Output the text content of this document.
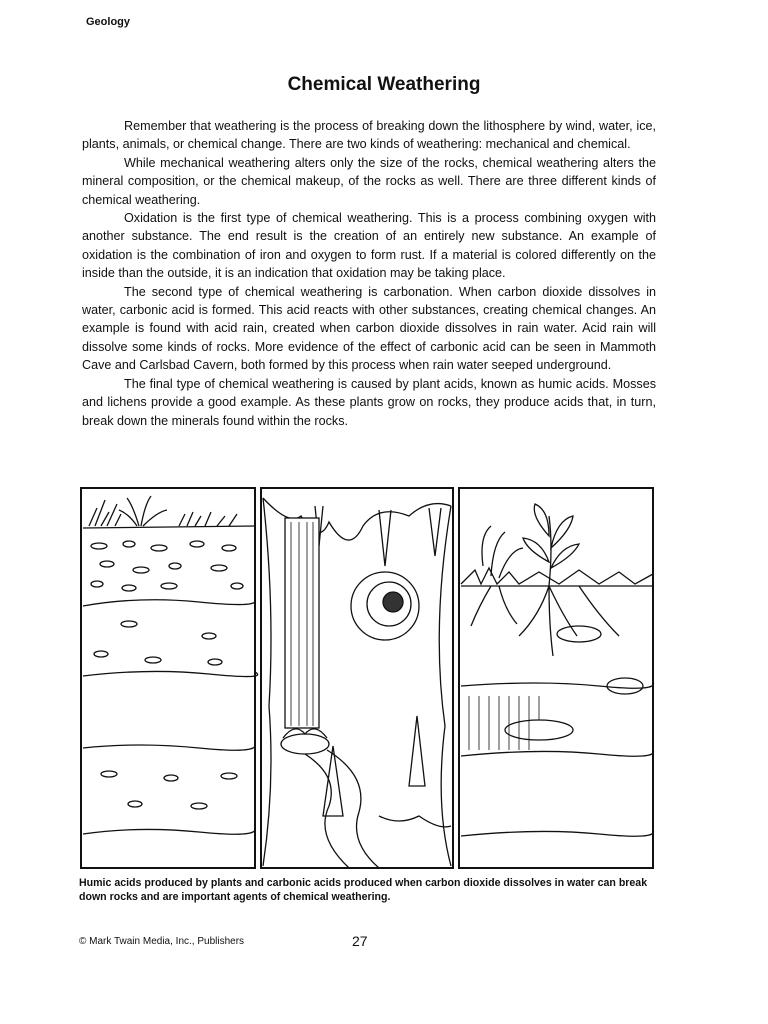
Geology
Chemical Weathering

Remember that weathering is the process of breaking down the lithosphere by wind, water, ice, plants, animals, or chemical change. There are two kinds of weathering: mechanical and chemical.

While mechanical weathering alters only the size of the rocks, chemical weathering alters the mineral composition, or the chemical makeup, of the rocks as well. There are three different kinds of chemical weathering.

Oxidation is the first type of chemical weathering. This is a process combining oxygen with another substance. The end result is the creation of an entirely new substance. An example of oxidation is the combination of iron and oxygen to form rust. If a material is colored differently on the inside than the outside, it is an indication that oxidation may be taking place.

The second type of chemical weathering is carbonation. When carbon dioxide dissolves in water, carbonic acid is formed. This acid reacts with other substances, creating chemical changes. An example is found with acid rain, created when carbon dioxide dissolves in rain water. Acid rain will dissolve some kinds of rocks. More evidence of the effect of carbonic acid can be seen in Mammoth Cave and Carlsbad Cavern, both formed by this process when rain water seeped underground.

The final type of chemical weathering is caused by plant acids, known as humic acids. Mosses and lichens provide a good example. As these plants grow on rocks, they produce acids that, in turn, break down the minerals found within the rocks.

Humic acids produced by plants and carbonic acids produced when carbon dioxide dissolves in water can break down rocks and are important agents of chemical weathering.
© Mark Twain Media, Inc., Publishers	27
